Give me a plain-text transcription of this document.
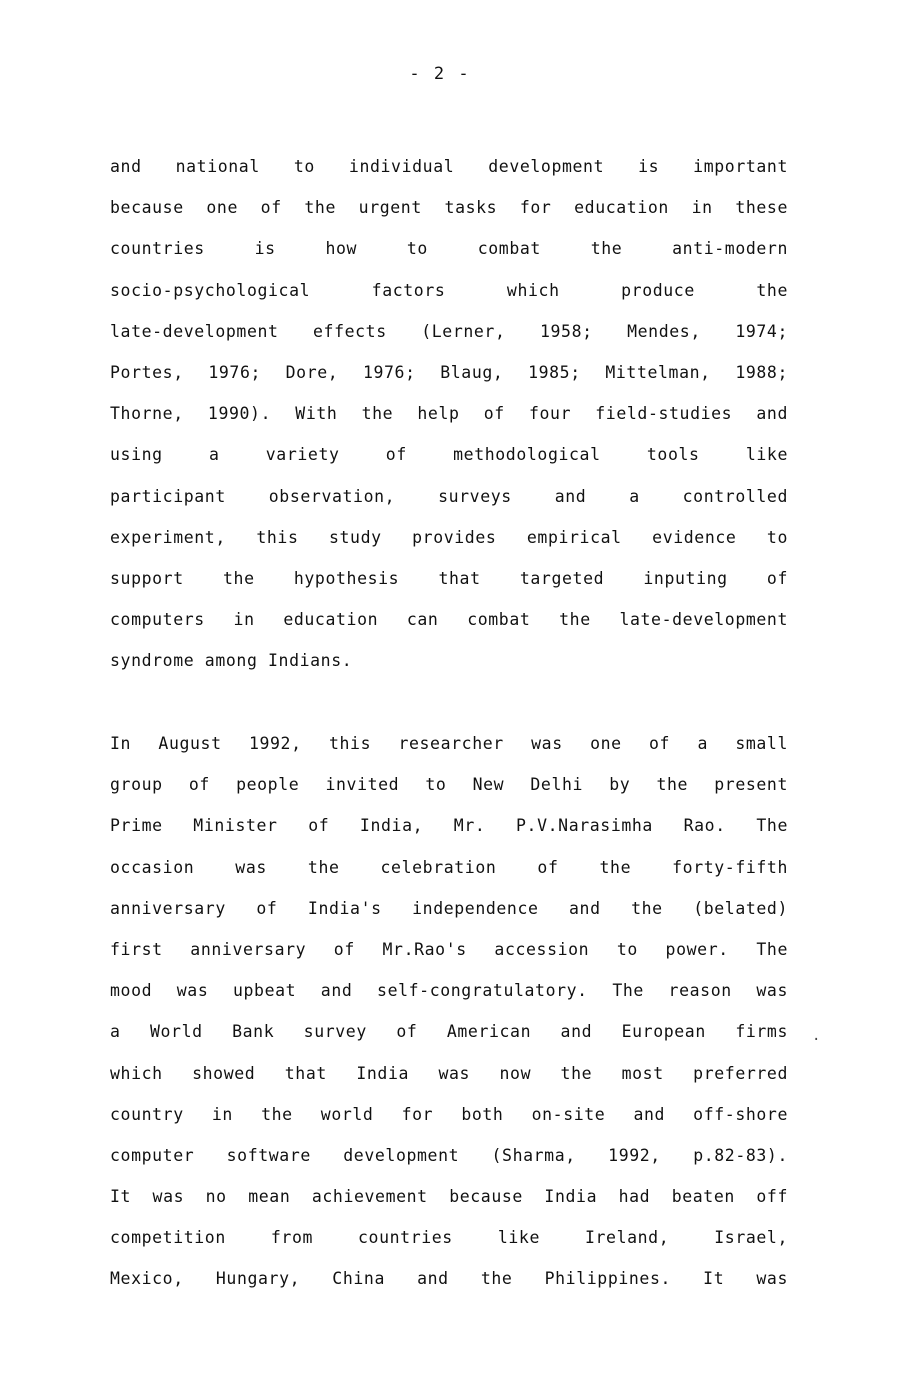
- 2 -
and national to individual development is important
because one of the urgent tasks for education in these
countries is how to combat the anti-modern
socio-psychological factors which produce the
late-development effects (Lerner, 1958; Mendes, 1974;
Portes, 1976; Dore, 1976; Blaug, 1985; Mittelman, 1988;
Thorne, 1990). With the help of four field-studies and
using a variety of methodological tools like
participant observation, surveys and a controlled
experiment, this study provides empirical evidence to
support the hypothesis that targeted inputing of
computers in education can combat the late-development
syndrome among Indians.
In August 1992, this researcher was one of a small
group of people invited to New Delhi by the present
Prime Minister of India, Mr. P.V.Narasimha Rao. The
occasion was the celebration of the forty-fifth
anniversary of India's independence and the (belated)
first anniversary of Mr.Rao's accession to power. The
mood was upbeat and self-congratulatory. The reason was
a World Bank survey of American and European firms
which showed that India was now the most preferred
country in the world for both on-site and off-shore
computer software development (Sharma, 1992, p.82-83).
It was no mean achievement because India had beaten off
competition from countries like Ireland, Israel,
Mexico, Hungary, China and the Philippines. It was
.
